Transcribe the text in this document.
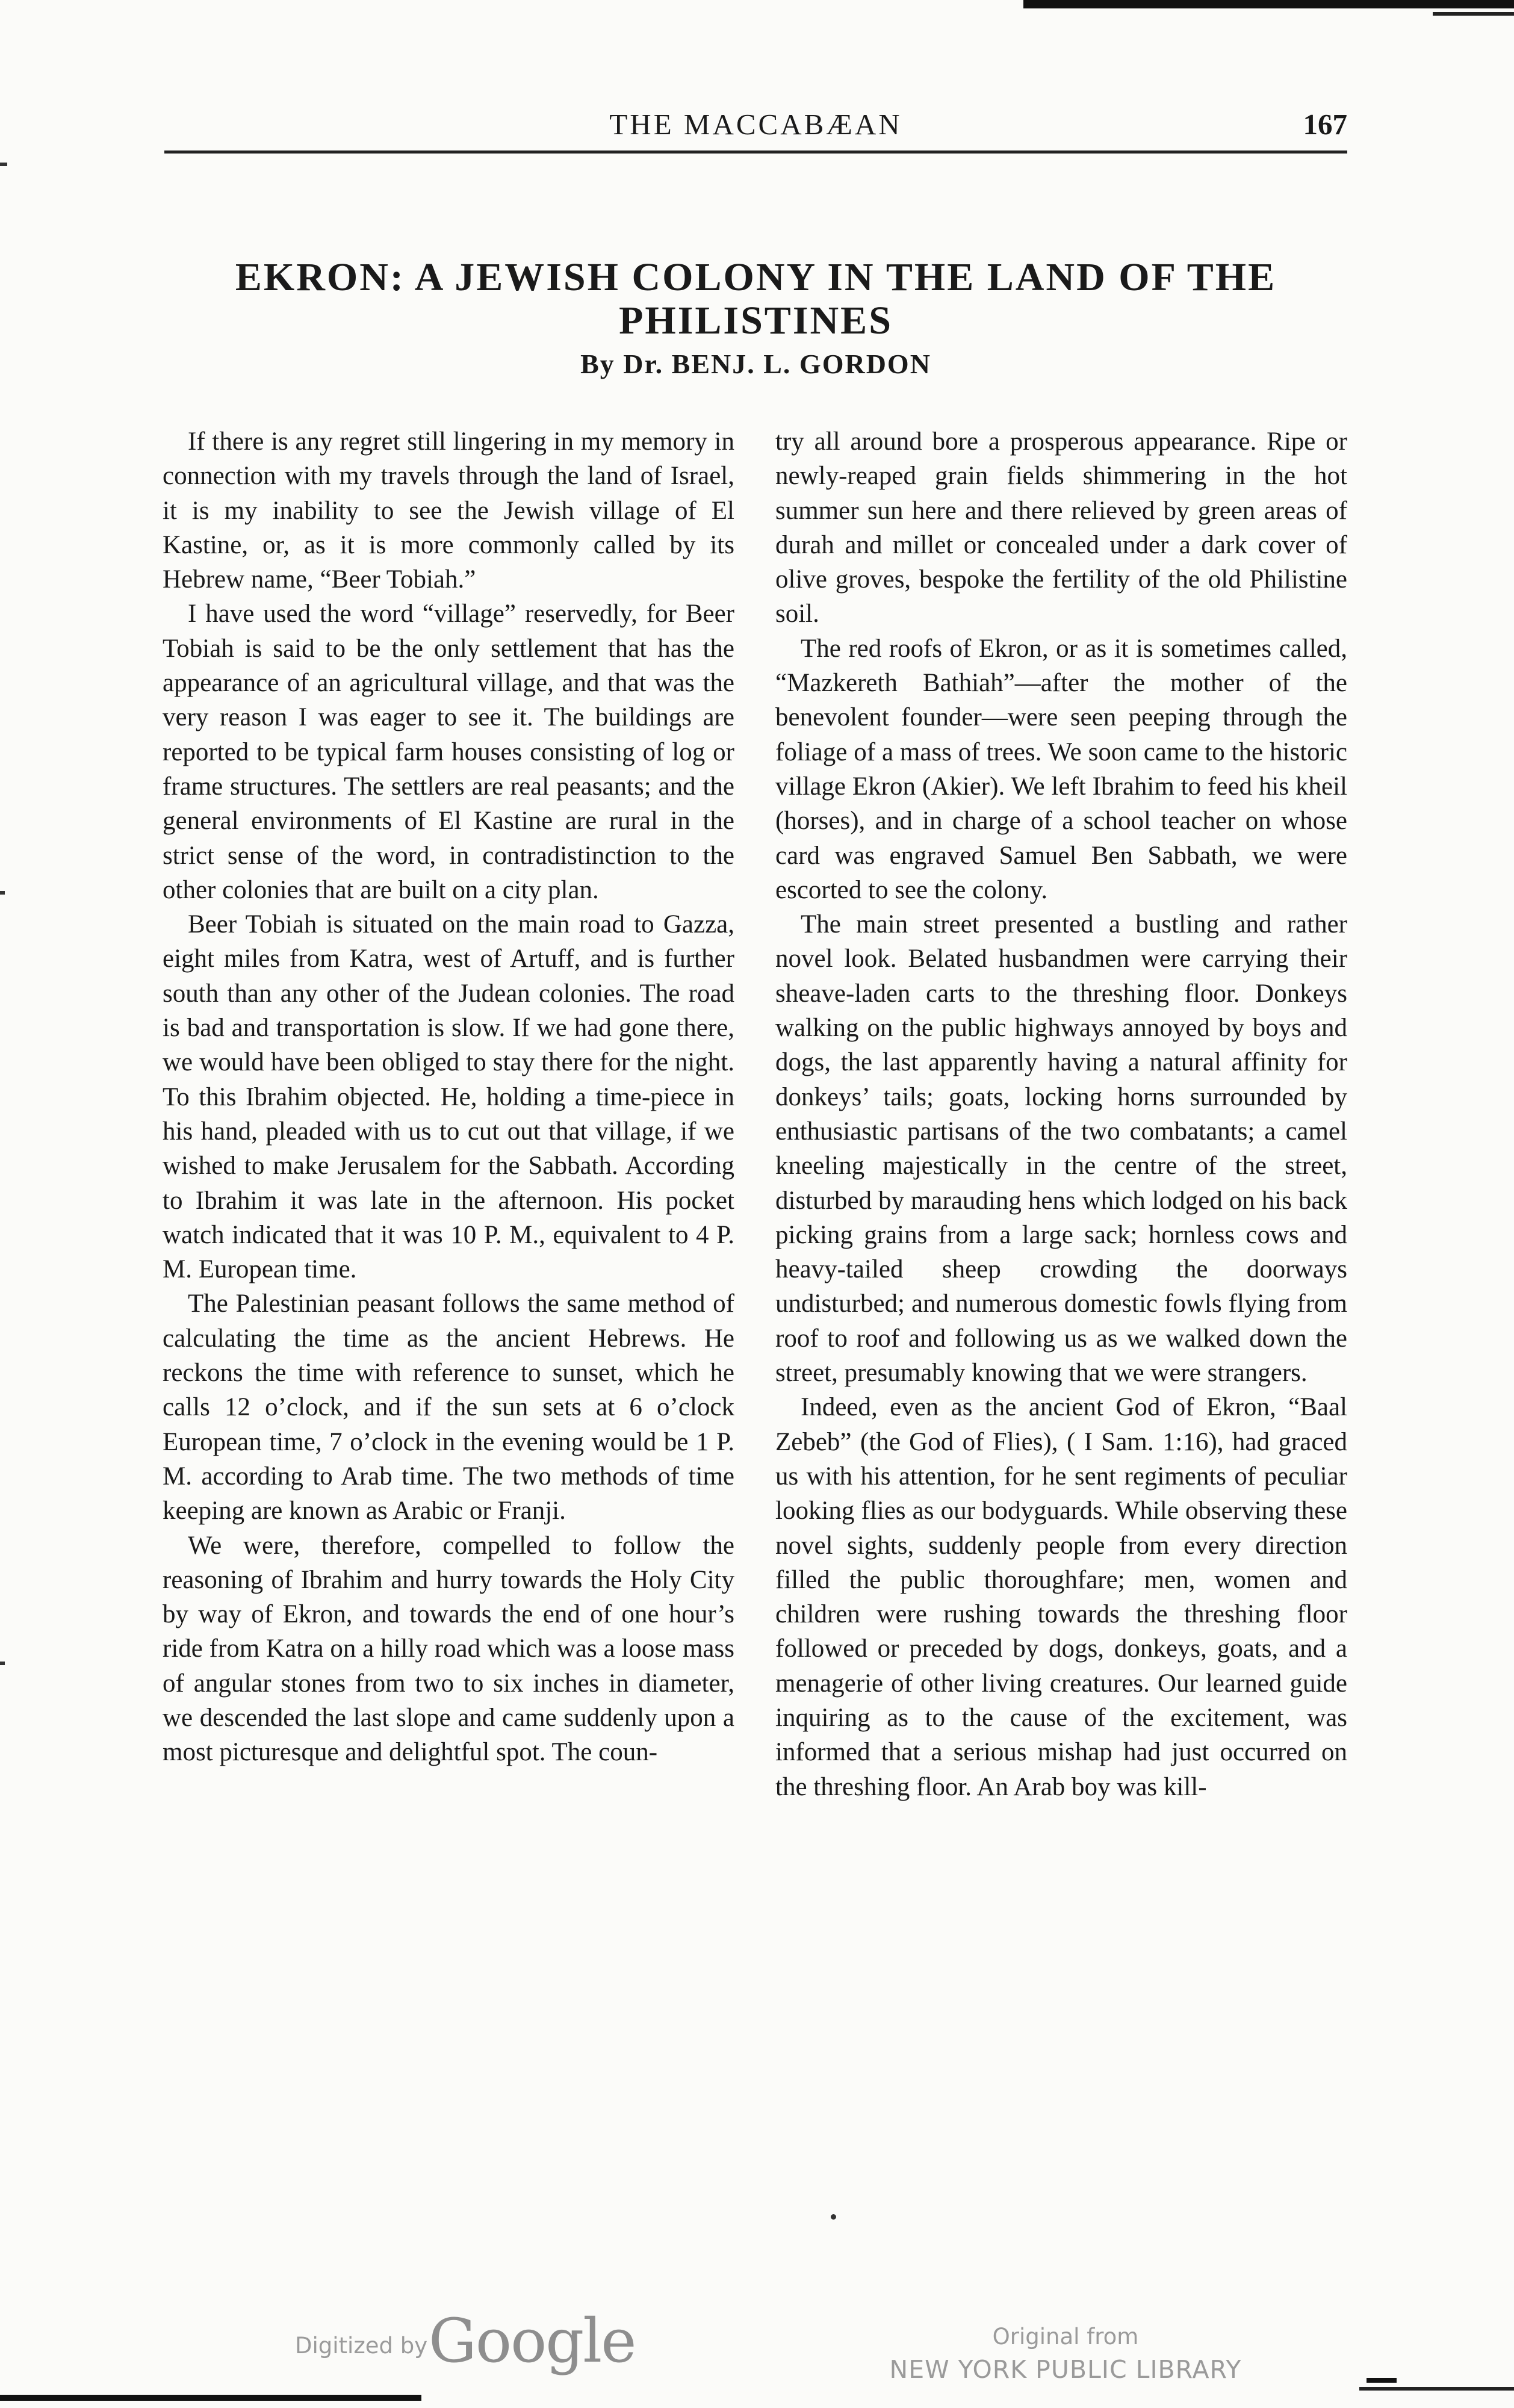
THE MACCABÆAN	167
EKRON: A JEWISH COLONY IN THE LAND OF THE PHILISTINES
By Dr. BENJ. L. GORDON

If there is any regret still lingering in my memory in connection with my travels through the land of Israel, it is my inability to see the Jewish village of El Kastine, or, as it is more commonly called by its Hebrew name, “Beer Tobiah.”

I have used the word “village” reservedly, for Beer Tobiah is said to be the only settlement that has the appearance of an agricultural village, and that was the very reason I was eager to see it. The buildings are reported to be typical farm houses consisting of log or frame structures. The settlers are real peasants; and the general environments of El Kastine are rural in the strict sense of the word, in contradistinction to the other colonies that are built on a city plan.

Beer Tobiah is situated on the main road to Gazza, eight miles from Katra, west of Artuff, and is further south than any other of the Judean colonies. The road is bad and transportation is slow. If we had gone there, we would have been obliged to stay there for the night. To this Ibrahim objected. He, holding a time-piece in his hand, pleaded with us to cut out that village, if we wished to make Jerusalem for the Sabbath. According to Ibrahim it was late in the afternoon. His pocket watch indicated that it was 10 P. M., equivalent to 4 P. M. European time.

The Palestinian peasant follows the same method of calculating the time as the ancient Hebrews. He reckons the time with reference to sunset, which he calls 12 o’clock, and if the sun sets at 6 o’clock European time, 7 o’clock in the evening would be 1 P. M. according to Arab time. The two methods of time keeping are known as Arabic or Franji.

We were, therefore, compelled to follow the reasoning of Ibrahim and hurry towards the Holy City by way of Ekron, and towards the end of one hour’s ride from Katra on a hilly road which was a loose mass of angular stones from two to six inches in diameter, we descended the last slope and came suddenly upon a most picturesque and delightful spot. The coun-

try all around bore a prosperous appearance. Ripe or newly-reaped grain fields shimmering in the hot summer sun here and there relieved by green areas of durah and millet or concealed under a dark cover of olive groves, bespoke the fertility of the old Philistine soil.

The red roofs of Ekron, or as it is sometimes called, “Mazkereth Bathiah”—after the mother of the benevolent founder—were seen peeping through the foliage of a mass of trees. We soon came to the historic village Ekron (Akier). We left Ibrahim to feed his kheil (horses), and in charge of a school teacher on whose card was engraved Samuel Ben Sabbath, we were escorted to see the colony.

The main street presented a bustling and rather novel look. Belated husbandmen were carrying their sheave-laden carts to the threshing floor. Donkeys walking on the public highways annoyed by boys and dogs, the last apparently having a natural affinity for donkeys’ tails; goats, locking horns surrounded by enthusiastic partisans of the two combatants; a camel kneeling majestically in the centre of the street, disturbed by marauding hens which lodged on his back picking grains from a large sack; hornless cows and heavy-tailed sheep crowding the doorways undisturbed; and numerous domestic fowls flying from roof to roof and following us as we walked down the street, presumably knowing that we were strangers.

Indeed, even as the ancient God of Ekron, “Baal Zebeb” (the God of Flies), ( I Sam. 1:16), had graced us with his attention, for he sent regiments of peculiar looking flies as our bodyguards. While observing these novel sights, suddenly people from every direction filled the public thoroughfare; men, women and children were rushing towards the threshing floor followed or preceded by dogs, donkeys, goats, and a menagerie of other living creatures. Our learned guide inquiring as to the cause of the excitement, was informed that a serious mishap had just occurred on the threshing floor. An Arab boy was kill-

Digitized by Google	Original from
NEW YORK PUBLIC LIBRARY
